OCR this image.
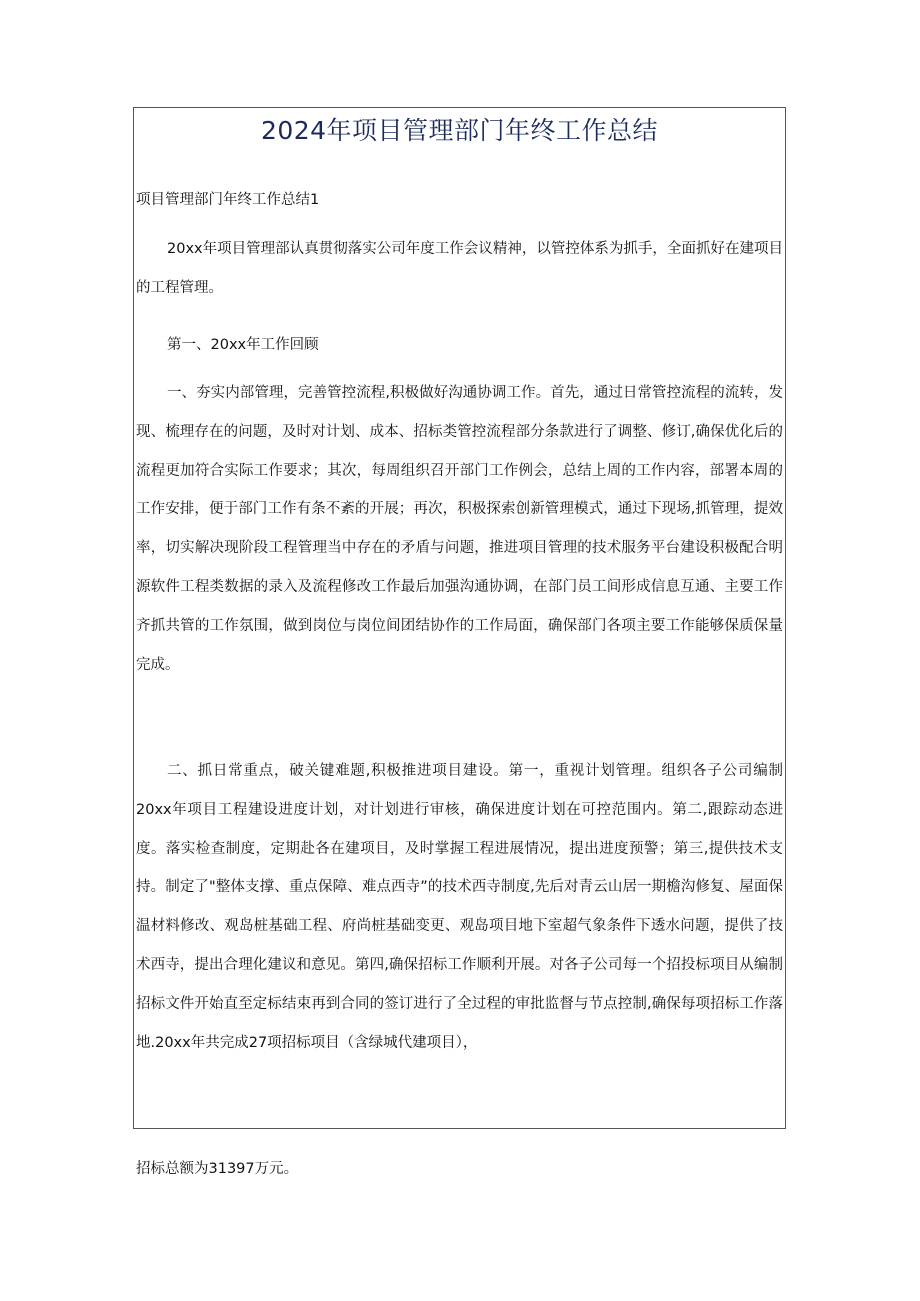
2024年项目管理部门年终工作总结
项目管理部门年终工作总结1

20xx年项目管理部认真贯彻落实公司年度工作会议精神，以管控体系为抓手，全面抓好在建项目的工程管理。

第一、20xx年工作回顾

一、夯实内部管理，完善管控流程,积极做好沟通协调工作。首先，通过日常管控流程的流转，发现、梳理存在的问题，及时对计划、成本、招标类管控流程部分条款进行了调整、修订,确保优化后的流程更加符合实际工作要求；其次，每周组织召开部门工作例会，总结上周的工作内容，部署本周的工作安排，便于部门工作有条不紊的开展；再次，积极探索创新管理模式，通过下现场,抓管理，提效率，切实解决现阶段工程管理当中存在的矛盾与问题，推进项目管理的技术服务平台建设积极配合明源软件工程类数据的录入及流程修改工作最后加强沟通协调，在部门员工间形成信息互通、主要工作齐抓共管的工作氛围，做到岗位与岗位间团结协作的工作局面，确保部门各项主要工作能够保质保量完成。

二、抓日常重点，破关键难题,积极推进项目建设。第一，重视计划管理。组织各子公司编制20xx年项目工程建设进度计划，对计划进行审核，确保进度计划在可控范围内。第二,跟踪动态进度。落实检查制度，定期赴各在建项目，及时掌握工程进展情况，提出进度预警；第三,提供技术支持。制定了"整体支撑、重点保障、难点西寺”的技术西寺制度,先后对青云山居一期檐沟修复、屋面保温材料修改、观岛桩基础工程、府尚桩基础变更、观岛项目地下室超气象条件下透水问题，提供了技术西寺，提出合理化建议和意见。第四,确保招标工作顺利开展。对各子公司每一个招投标项目从编制招标文件开始直至定标结束再到合同的签订进行了全过程的审批监督与节点控制,确保每项招标工作落地.20xx年共完成27项招标项目（含绿城代建项目），

招标总额为31397万元。
